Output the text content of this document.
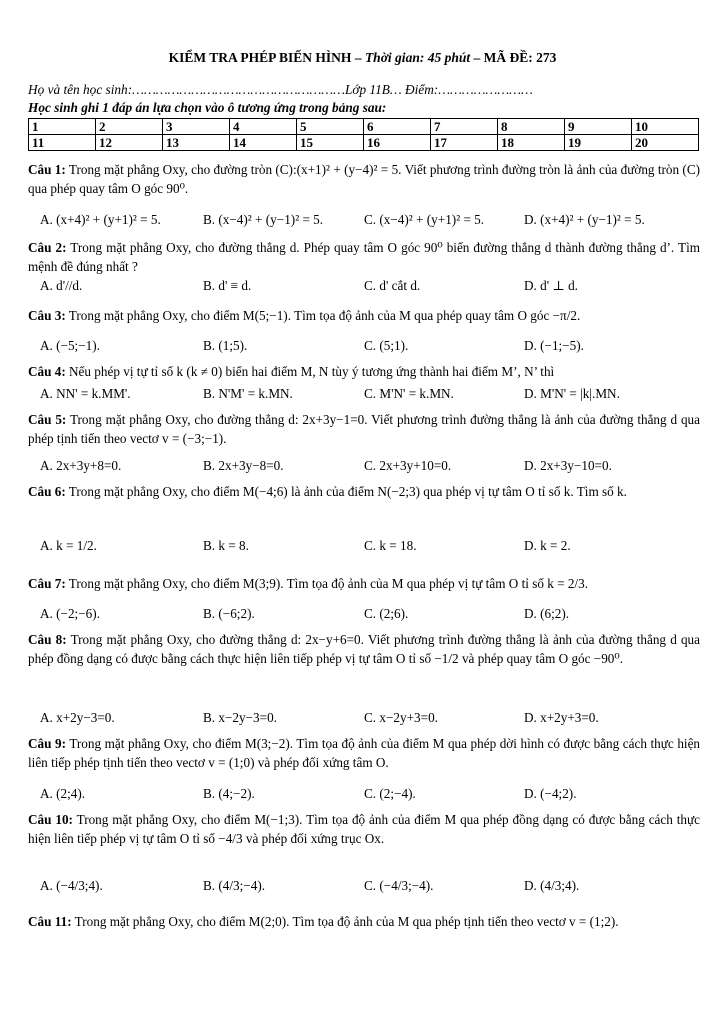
KIỂM TRA PHÉP BIẾN HÌNH – Thời gian: 45 phút – MÃ ĐỀ: 273
Họ và tên học sinh:………………………………………………Lớp 11B… Điểm:……………………
Học sinh ghi 1 đáp án lựa chọn vào ô tương ứng trong bảng sau:
1	2	3	4	5	6	7	8	9	10
11	12	13	14	15	16	17	18	19	20
Câu 1: Trong mặt phẳng Oxy, cho đường tròn (C):(x+1)² + (y−4)² = 5. Viết phương trình đường tròn là ảnh của đường tròn (C) qua phép quay tâm O góc 90⁰.
A. (x+4)² + (y+1)² = 5.	B. (x−4)² + (y−1)² = 5.	C. (x−4)² + (y+1)² = 5.	D. (x+4)² + (y−1)² = 5.
Câu 2: Trong mặt phẳng Oxy, cho đường thẳng d. Phép quay tâm O góc 90⁰ biến đường thẳng d thành đường thẳng d’. Tìm mệnh đề đúng nhất ?
A. d'//d.	B. d' ≡ d.	C. d' cắt d.	D. d' ⊥ d.
Câu 3: Trong mặt phẳng Oxy, cho điểm M(5;−1). Tìm tọa độ ảnh của M qua phép quay tâm O góc −π/2.
A. (−5;−1).	B. (1;5).	C. (5;1).	D. (−1;−5).
Câu 4: Nếu phép vị tự tỉ số k (k ≠ 0) biến hai điểm M, N tùy ý tương ứng thành hai điểm M’, N’ thì
A. NN' = k.MM'.	B. N'M' = k.MN.	C. M'N' = k.MN.	D. M'N' = |k|.MN.
Câu 5: Trong mặt phẳng Oxy, cho đường thẳng d: 2x+3y−1=0. Viết phương trình đường thẳng là ảnh của đường thẳng d qua phép tịnh tiến theo vectơ v = (−3;−1).
A. 2x+3y+8=0.	B. 2x+3y−8=0.	C. 2x+3y+10=0.	D. 2x+3y−10=0.
Câu 6: Trong mặt phẳng Oxy, cho điểm M(−4;6) là ảnh của điểm N(−2;3) qua phép vị tự tâm O tỉ số k. Tìm số k.
A. k = 1/2.	B. k = 8.	C. k = 18.	D. k = 2.
Câu 7: Trong mặt phẳng Oxy, cho điểm M(3;9). Tìm tọa độ ảnh của M qua phép vị tự tâm O tỉ số k = 2/3.
A. (−2;−6).	B. (−6;2).	C. (2;6).	D. (6;2).
Câu 8: Trong mặt phẳng Oxy, cho đường thẳng d: 2x−y+6=0. Viết phương trình đường thẳng là ảnh của đường thẳng d qua phép đồng dạng có được bằng cách thực hiện liên tiếp phép vị tự tâm O tỉ số −1/2 và phép quay tâm O góc −90⁰.
A. x+2y−3=0.	B. x−2y−3=0.	C. x−2y+3=0.	D. x+2y+3=0.
Câu 9: Trong mặt phẳng Oxy, cho điểm M(3;−2). Tìm tọa độ ảnh của điểm M qua phép dời hình có được bằng cách thực hiện liên tiếp phép tịnh tiến theo vectơ v = (1;0) và phép đối xứng tâm O.
A. (2;4).	B. (4;−2).	C. (2;−4).	D. (−4;2).
Câu 10: Trong mặt phẳng Oxy, cho điểm M(−1;3). Tìm tọa độ ảnh của điểm M qua phép đồng dạng có được bằng cách thực hiện liên tiếp phép vị tự tâm O tỉ số −4/3 và phép đối xứng trục Ox.
A. (−4/3;4).	B. (4/3;−4).	C. (−4/3;−4).	D. (4/3;4).
Câu 11: Trong mặt phẳng Oxy, cho điểm M(2;0). Tìm tọa độ ảnh của M qua phép tịnh tiến theo vectơ v = (1;2).
